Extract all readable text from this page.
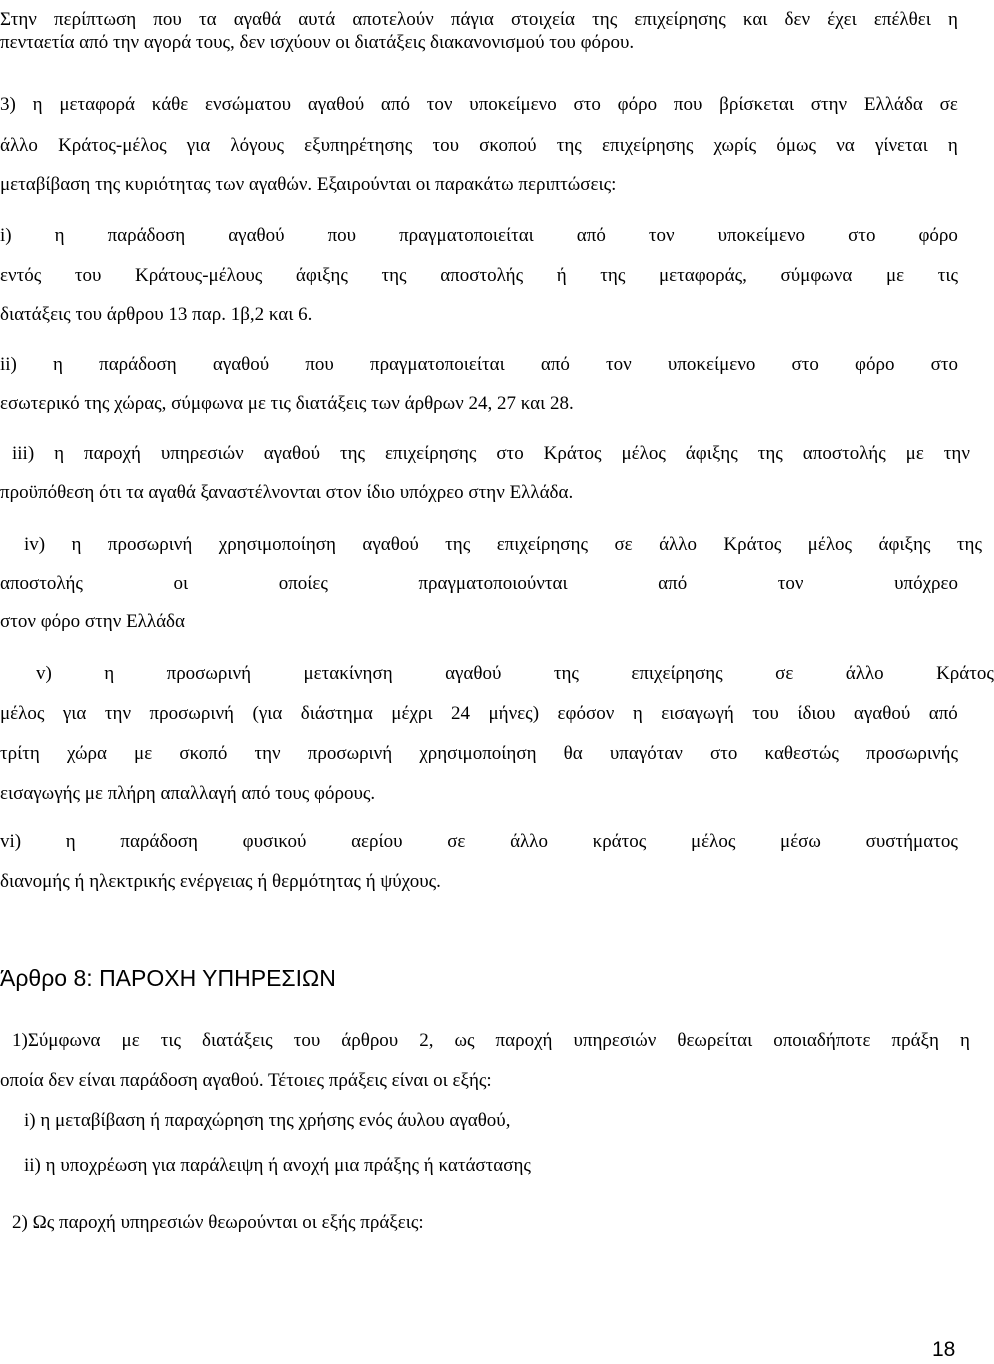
Στην περίπτωση που τα αγαθά αυτά αποτελούν πάγια στοιχεία της επιχείρησης και δεν έχει επέλθει η
πενταετία από την αγορά τους, δεν ισχύουν οι διατάξεις διακανονισμού του φόρου.
3) η μεταφορά κάθε ενσώματου αγαθού από τον υποκείμενο στο φόρο που βρίσκεται στην Ελλάδα σε
άλλο Κράτος-μέλος για λόγους εξυπηρέτησης του σκοπού της επιχείρησης χωρίς όμως να γίνεται η
μεταβίβαση της κυριότητας των αγαθών. Εξαιρούνται οι παρακάτω περιπτώσεις:
i) η παράδοση αγαθού που πραγματοποιείται από τον υποκείμενο στο φόρο
εντός του Κράτους-μέλους άφιξης της αποστολής ή της μεταφοράς, σύμφωνα με τις
διατάξεις του άρθρου 13 παρ. 1β,2 και 6.
ii) η παράδοση αγαθού που πραγματοποιείται από τον υποκείμενο στο φόρο στο
εσωτερικό της χώρας, σύμφωνα με τις διατάξεις των άρθρων 24, 27 και 28.
iii) η παροχή υπηρεσιών αγαθού της επιχείρησης στο Κράτος μέλος άφιξης της αποστολής με την
προϋπόθεση ότι τα αγαθά ξαναστέλνονται στον ίδιο υπόχρεο στην Ελλάδα.
iv) η προσωρινή χρησιμοποίηση αγαθού της επιχείρησης σε άλλο Κράτος μέλος άφιξης της
αποστολής	οι	οποίες	πραγματοποιούνται	από	τον	υπόχρεο
στον φόρο στην Ελλάδα
v)	η	προσωρινή	μετακίνηση	αγαθού	της	επιχείρησης	σε	άλλο	Κράτος
μέλος για την προσωρινή (για διάστημα μέχρι 24 μήνες) εφόσον η εισαγωγή του ίδιου αγαθού από
τρίτη χώρα με σκοπό την προσωρινή χρησιμοποίηση θα υπαγόταν στο καθεστώς προσωρινής
εισαγωγής με πλήρη απαλλαγή από τους φόρους.
vi) η παράδοση φυσικού αερίου σε άλλο κράτος μέλος μέσω συστήματος
διανομής ή ηλεκτρικής ενέργειας ή θερμότητας ή ψύχους.
Άρθρο 8: ΠΑΡΟΧΗ ΥΠΗΡΕΣΙΩΝ
1)Σύμφωνα με τις διατάξεις του άρθρου 2, ως παροχή υπηρεσιών θεωρείται οποιαδήποτε πράξη η
οποία δεν είναι παράδοση αγαθού. Τέτοιες πράξεις είναι οι εξής:
i) η μεταβίβαση ή παραχώρηση της χρήσης ενός άυλου αγαθού,
ii) η υποχρέωση για παράλειψη ή ανοχή μια πράξης ή κατάστασης
2) Ως παροχή υπηρεσιών θεωρούνται οι εξής πράξεις:
18
